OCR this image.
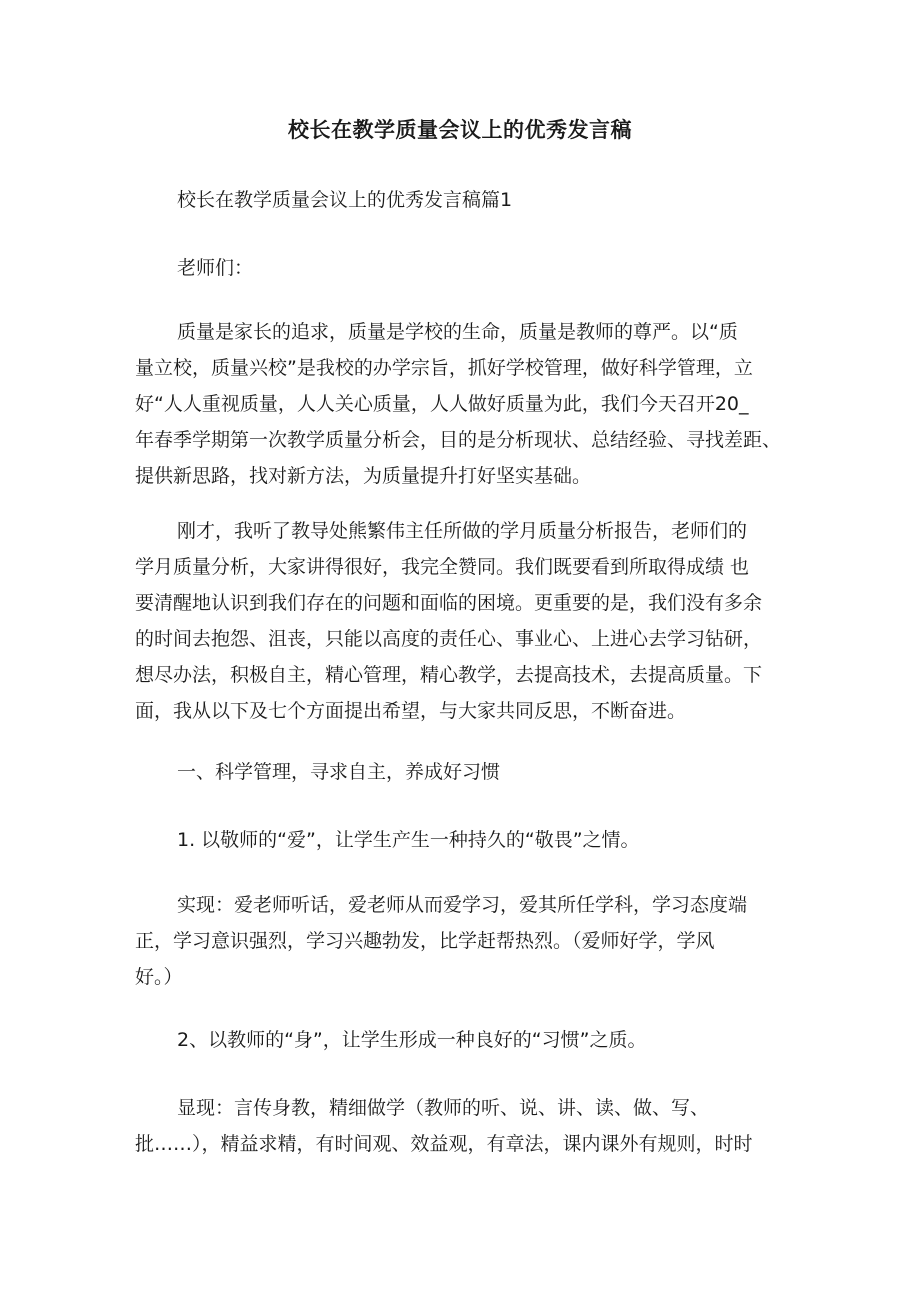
校长在教学质量会议上的优秀发言稿
校长在教学质量会议上的优秀发言稿篇1
老师们：
质量是家长的追求，质量是学校的生命，质量是教师的尊严。以“质
量立校，质量兴校”是我校的办学宗旨，抓好学校管理，做好科学管理，立
好“人人重视质量，人人关心质量，人人做好质量为此，我们今天召开20_
年春季学期第一次教学质量分析会，目的是分析现状、总结经验、寻找差距、
提供新思路，找对新方法，为质量提升打好坚实基础。
刚才，我听了教导处熊繁伟主任所做的学月质量分析报告，老师们的
学月质量分析，大家讲得很好，我完全赞同。我们既要看到所取得成绩 也
要清醒地认识到我们存在的问题和面临的困境。更重要的是，我们没有多余
的时间去抱怨、沮丧，只能以高度的责任心、事业心、上进心去学习钻研，
想尽办法，积极自主，精心管理，精心教学，去提高技术，去提高质量。下
面，我从以下及七个方面提出希望，与大家共同反思，不断奋进。
一、科学管理，寻求自主，养成好习惯
1. 以敬师的“爱”，让学生产生一种持久的“敬畏”之情。
实现：爱老师听话，爱老师从而爱学习，爱其所任学科，学习态度端
正，学习意识强烈，学习兴趣勃发，比学赶帮热烈。（爱师好学，学风
好。）
2、以教师的“身”，让学生形成一种良好的“习惯”之质。
显现：言传身教，精细做学（教师的听、说、讲、读、做、写、
批……），精益求精，有时间观、效益观，有章法，课内课外有规则，时时
